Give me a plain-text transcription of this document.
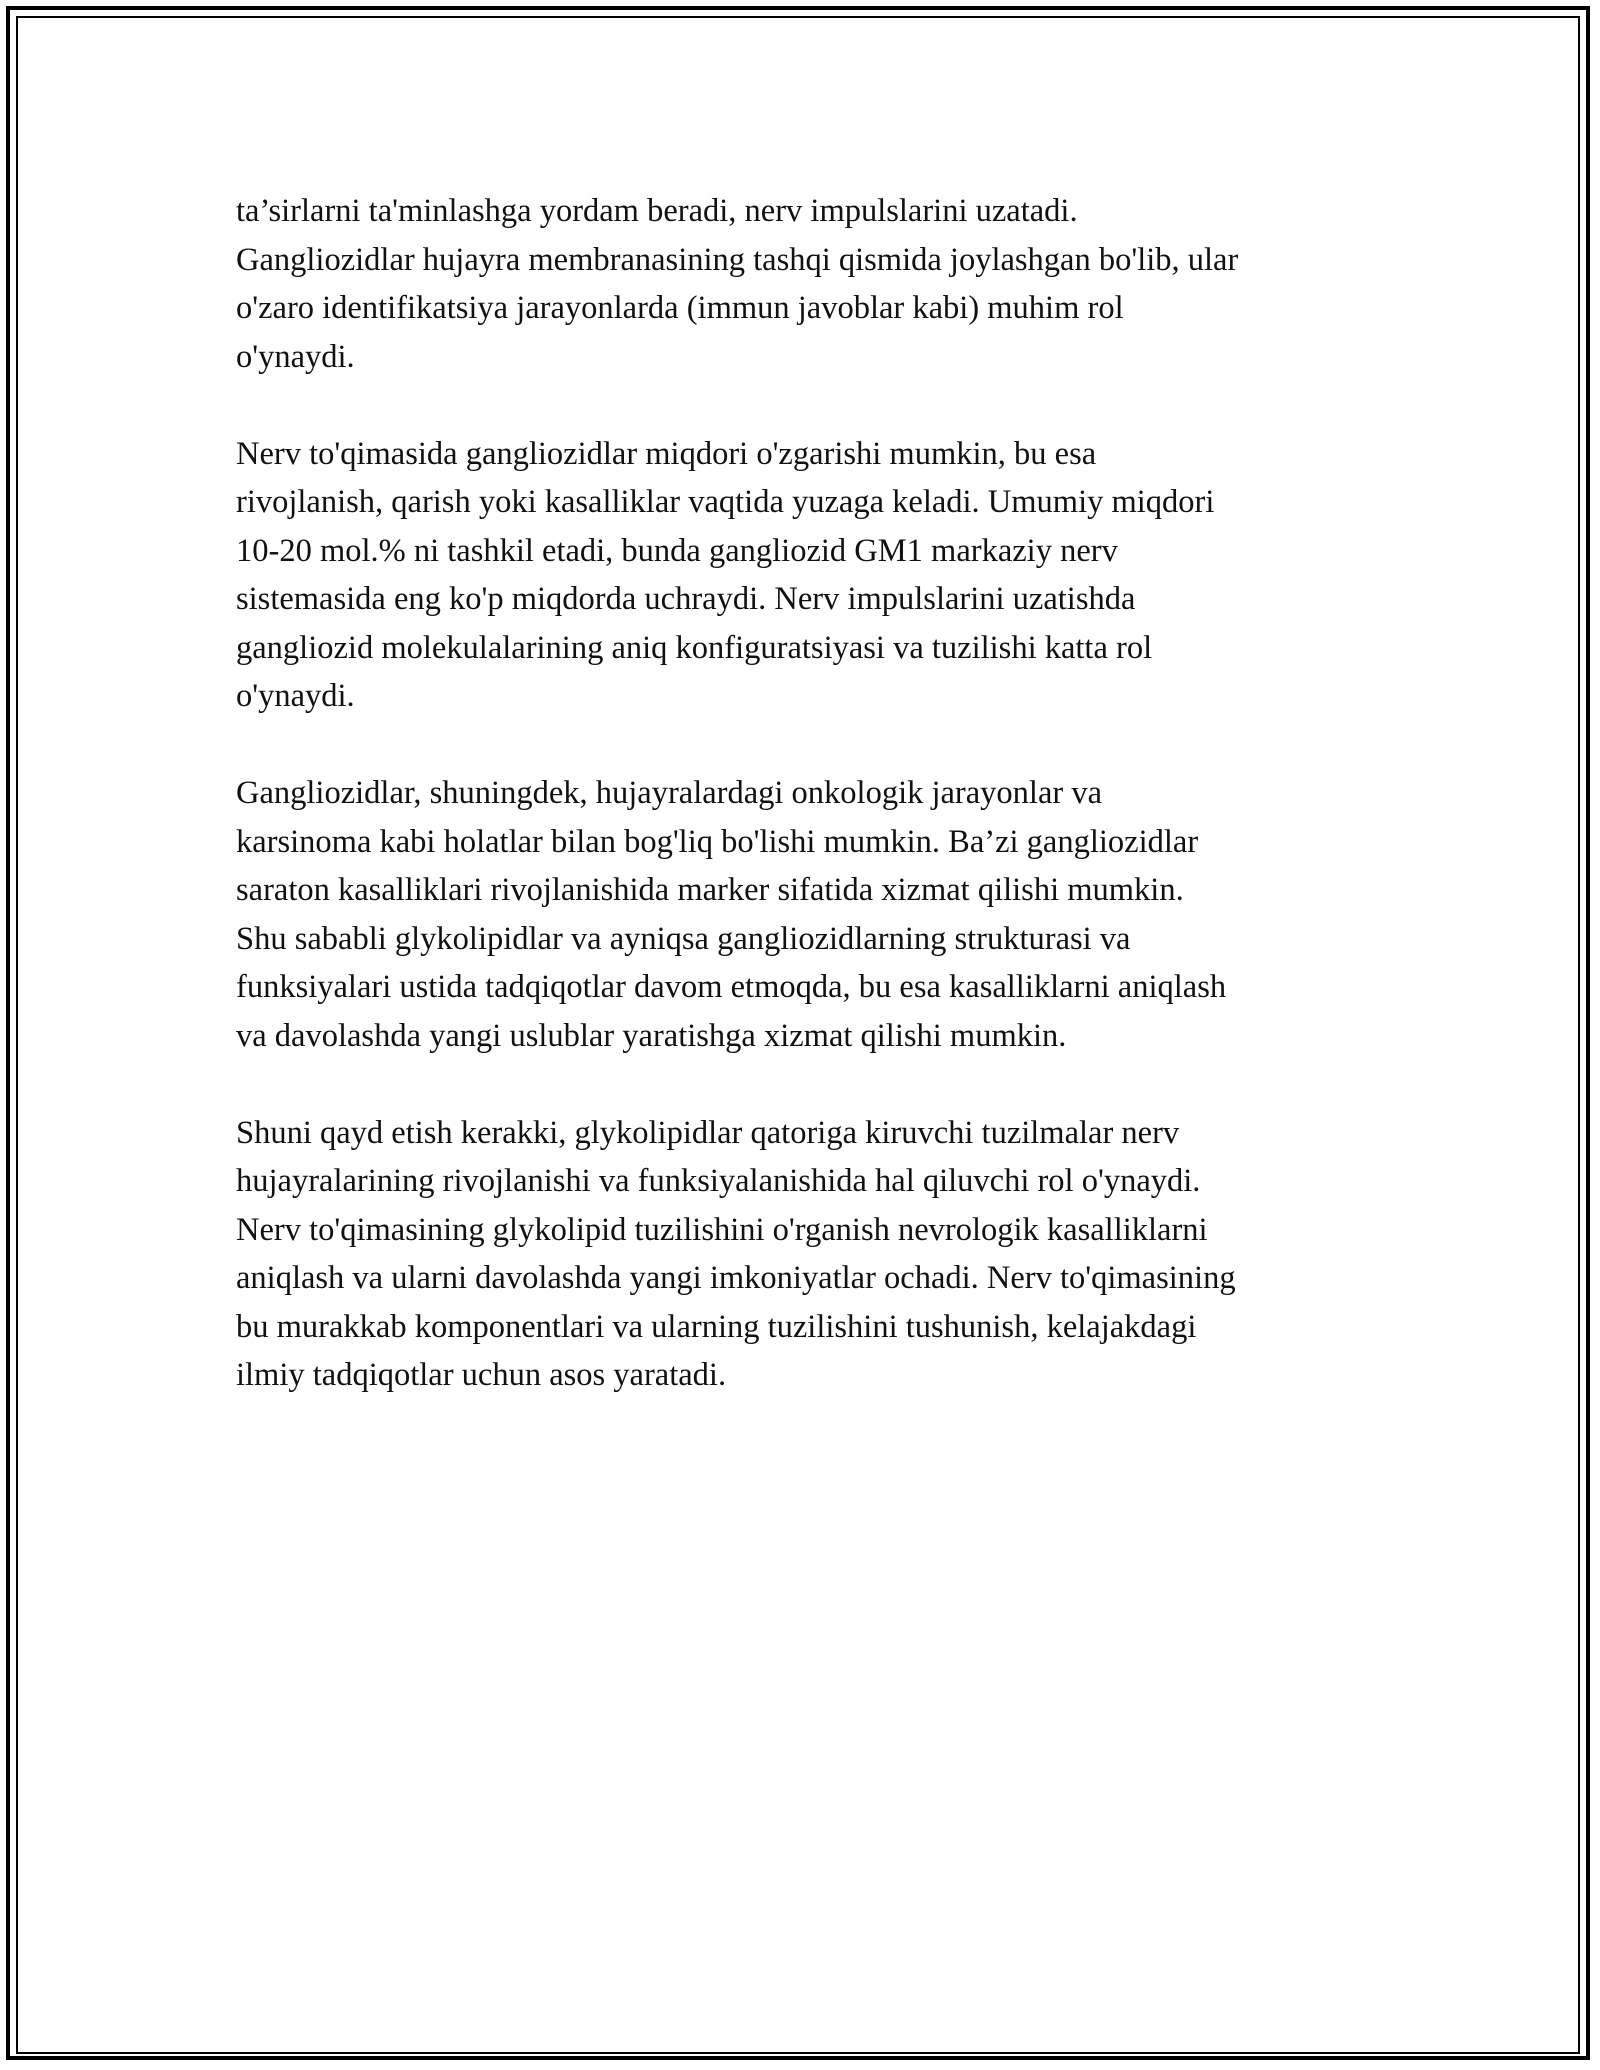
ta’sirlarni ta'minlashga yordam beradi, nerv impulslarini uzatadi.
Gangliozidlar hujayra membranasining tashqi qismida joylashgan bo'lib, ular
o'zaro identifikatsiya jarayonlarda (immun javoblar kabi) muhim rol
o'ynaydi.

Nerv to'qimasida gangliozidlar miqdori o'zgarishi mumkin, bu esa
rivojlanish, qarish yoki kasalliklar vaqtida yuzaga keladi. Umumiy miqdori
10-20 mol.% ni tashkil etadi, bunda gangliozid GM1 markaziy nerv
sistemasida eng ko'p miqdorda uchraydi. Nerv impulslarini uzatishda
gangliozid molekulalarining aniq konfiguratsiyasi va tuzilishi katta rol
o'ynaydi.

Gangliozidlar, shuningdek, hujayralardagi onkologik jarayonlar va
karsinoma kabi holatlar bilan bog'liq bo'lishi mumkin. Ba’zi gangliozidlar
saraton kasalliklari rivojlanishida marker sifatida xizmat qilishi mumkin.
Shu sababli glykolipidlar va ayniqsa gangliozidlarning strukturasi va
funksiyalari ustida tadqiqotlar davom etmoqda, bu esa kasalliklarni aniqlash
va davolashda yangi uslublar yaratishga xizmat qilishi mumkin.

Shuni qayd etish kerakki, glykolipidlar qatoriga kiruvchi tuzilmalar nerv
hujayralarining rivojlanishi va funksiyalanishida hal qiluvchi rol o'ynaydi.
Nerv to'qimasining glykolipid tuzilishini o'rganish nevrologik kasalliklarni
aniqlash va ularni davolashda yangi imkoniyatlar ochadi. Nerv to'qimasining
bu murakkab komponentlari va ularning tuzilishini tushunish, kelajakdagi
ilmiy tadqiqotlar uchun asos yaratadi.
